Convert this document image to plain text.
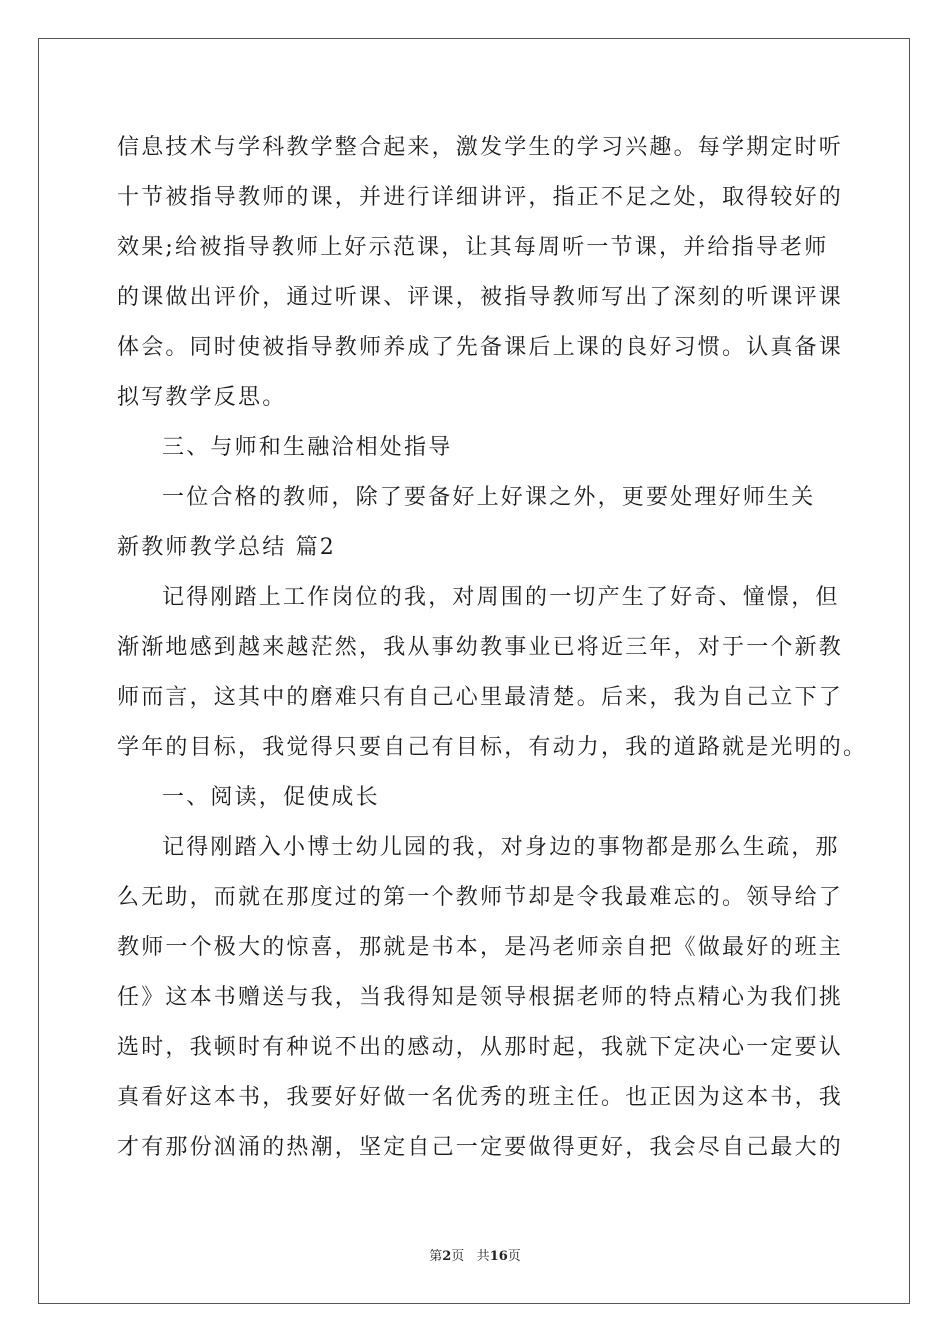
信息技术与学科教学整合起来，激发学生的学习兴趣。每学期定时听
十节被指导教师的课，并进行详细讲评，指正不足之处，取得较好的
效果;给被指导教师上好示范课，让其每周听一节课，并给指导老师
的课做出评价，通过听课、评课，被指导教师写出了深刻的听课评课
体会。同时使被指导教师养成了先备课后上课的良好习惯。认真备课
拟写教学反思。
三、与师和生融洽相处指导
一位合格的教师，除了要备好上好课之外，更要处理好师生关
新教师教学总结 篇2
记得刚踏上工作岗位的我，对周围的一切产生了好奇、憧憬，但
渐渐地感到越来越茫然，我从事幼教事业已将近三年，对于一个新教
师而言，这其中的磨难只有自己心里最清楚。后来，我为自己立下了
学年的目标，我觉得只要自己有目标，有动力，我的道路就是光明的。
一、阅读，促使成长
记得刚踏入小博士幼儿园的我，对身边的事物都是那么生疏，那
么无助，而就在那度过的第一个教师节却是令我最难忘的。领导给了
教师一个极大的惊喜，那就是书本，是冯老师亲自把《做最好的班主
任》这本书赠送与我，当我得知是领导根据老师的特点精心为我们挑
选时，我顿时有种说不出的感动，从那时起，我就下定决心一定要认
真看好这本书，我要好好做一名优秀的班主任。也正因为这本书，我
才有那份汹涌的热潮，坚定自己一定要做得更好，我会尽自己最大的
第2页 共16页
